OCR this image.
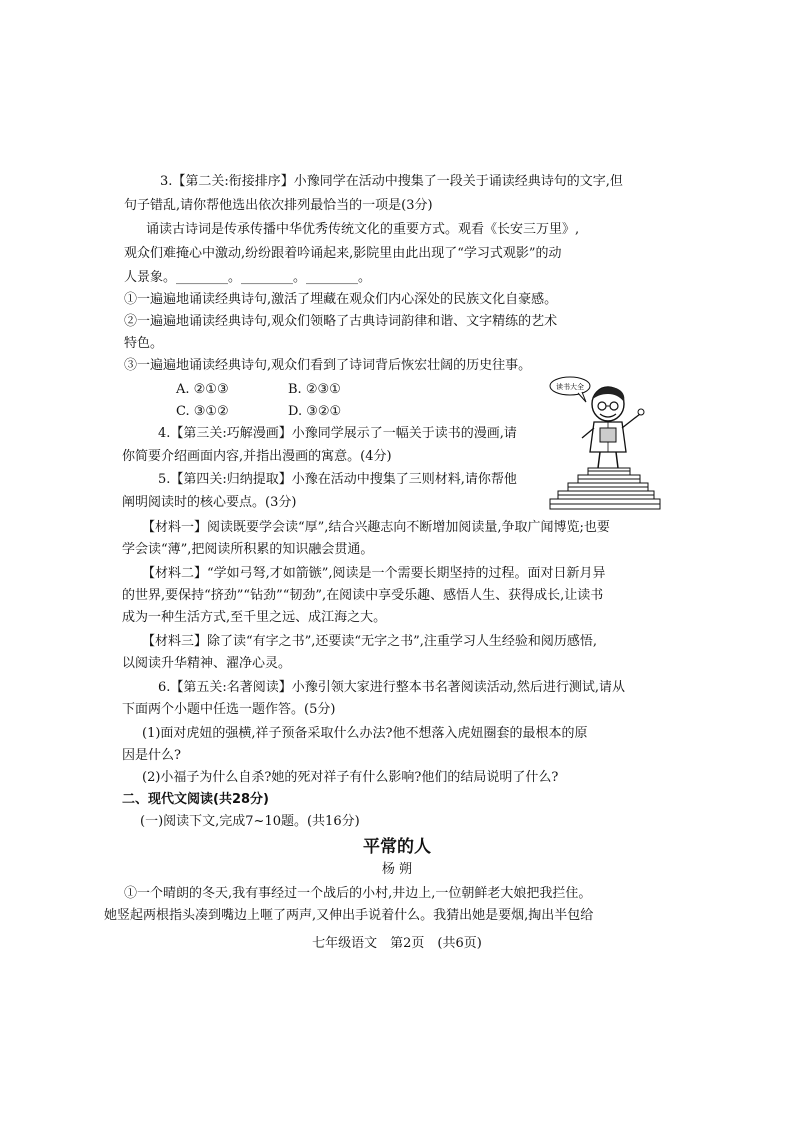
3.【第二关:衔接排序】小豫同学在活动中搜集了一段关于诵读经典诗句的文字,但
句子错乱,请你帮他选出依次排列最恰当的一项是(3分)
诵读古诗词是传承传播中华优秀传统文化的重要方式。观看《长安三万里》,
观众们难掩心中激动,纷纷跟着吟诵起来,影院里由此出现了“学习式观影”的动
人景象。________。________。________。
①一遍遍地诵读经典诗句,激活了埋藏在观众们内心深处的民族文化自豪感。
②一遍遍地诵读经典诗句,观众们领略了古典诗词韵律和谐、文字精练的艺术
特色。
③一遍遍地诵读经典诗句,观众们看到了诗词背后恢宏壮阔的历史往事。
A. ②①③	B. ②③①
C. ③①②	D. ③②①
4.【第三关:巧解漫画】小豫同学展示了一幅关于读书的漫画,请
你简要介绍画面内容,并指出漫画的寓意。(4分)
5.【第四关:归纳提取】小豫在活动中搜集了三则材料,请你帮他
阐明阅读时的核心要点。(3分)
【材料一】阅读既要学会读“厚”,结合兴趣志向不断增加阅读量,争取广闻博览;也要
学会读“薄”,把阅读所积累的知识融会贯通。
【材料二】“学如弓弩,才如箭镞”,阅读是一个需要长期坚持的过程。面对日新月异
的世界,要保持“挤劲”“钻劲”“韧劲”,在阅读中享受乐趣、感悟人生、获得成长,让读书
成为一种生活方式,至千里之远、成江海之大。
【材料三】除了读“有字之书”,还要读“无字之书”,注重学习人生经验和阅历感悟,
以阅读升华精神、濯净心灵。
6.【第五关:名著阅读】小豫引领大家进行整本书名著阅读活动,然后进行测试,请从
下面两个小题中任选一题作答。(5分)
(1)面对虎妞的强横,祥子预备采取什么办法?他不想落入虎妞圈套的最根本的原
因是什么?
(2)小福子为什么自杀?她的死对祥子有什么影响?他们的结局说明了什么?
二、现代文阅读(共28分)
(一)阅读下文,完成7~10题。(共16分)
平常的人
杨 朔
①一个晴朗的冬天,我有事经过一个战后的小村,井边上,一位朝鲜老大娘把我拦住。
她竖起两根指头凑到嘴边上咂了两声,又伸出手说着什么。我猜出她是要烟,掏出半包给
七年级语文　第2页　(共6页)
读书大全
